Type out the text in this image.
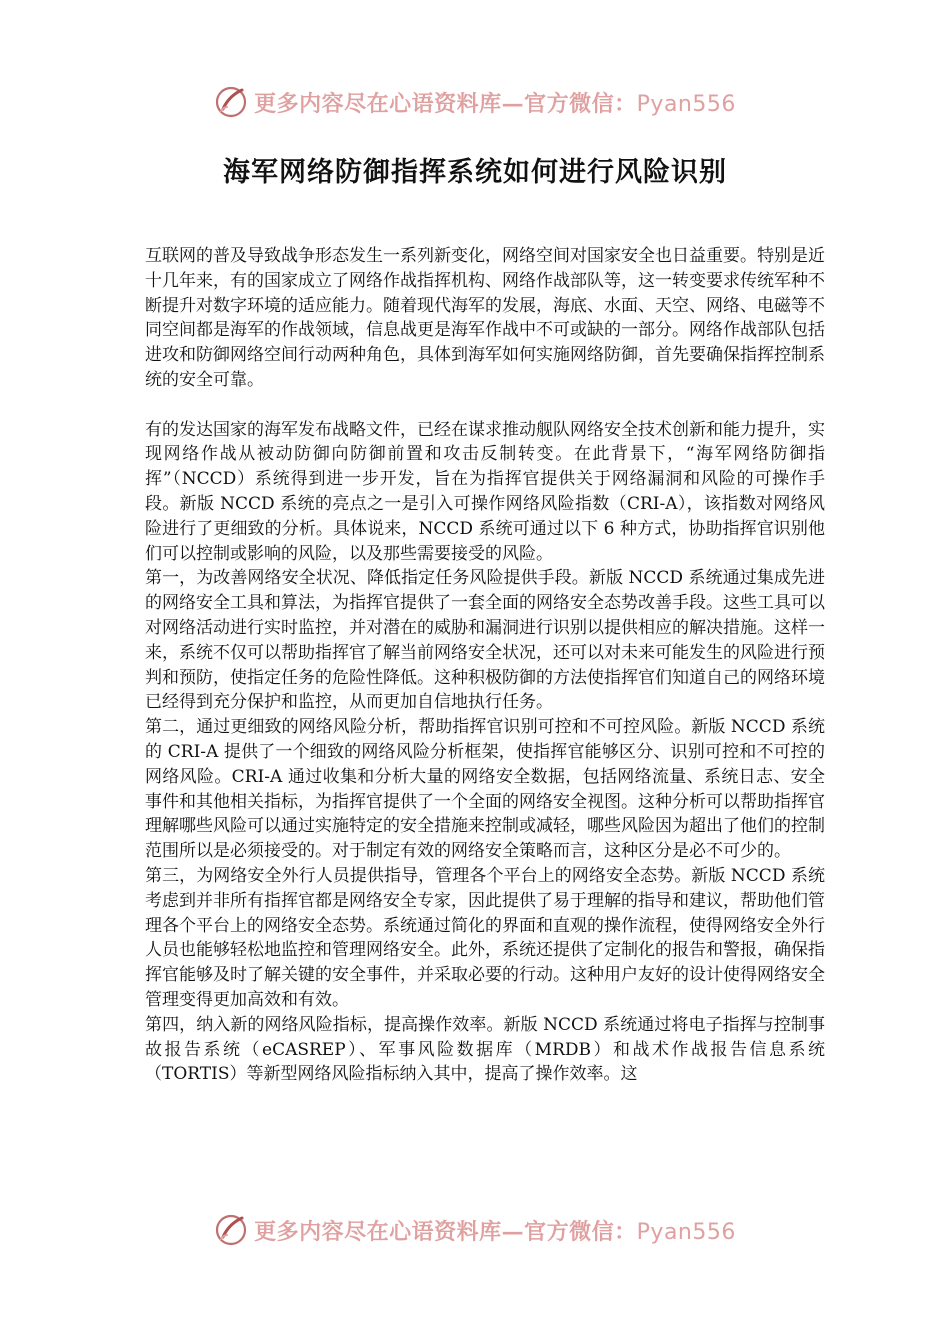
更多内容尽在心语资料库—官方微信：Pyan556
海军网络防御指挥系统如何进行风险识别

互联网的普及导致战争形态发生一系列新变化，网络空间对国家安全也日益重要。特别是近十几年来，有的国家成立了网络作战指挥机构、网络作战部队等，这一转变要求传统军种不断提升对数字环境的适应能力。随着现代海军的发展，海底、水面、天空、网络、电磁等不同空间都是海军的作战领域，信息战更是海军作战中不可或缺的一部分。网络作战部队包括进攻和防御网络空间行动两种角色，具体到海军如何实施网络防御，首先要确保指挥控制系统的安全可靠。

有的发达国家的海军发布战略文件，已经在谋求推动舰队网络安全技术创新和能力提升，实现网络作战从被动防御向防御前置和攻击反制转变。在此背景下，“海军网络防御指挥”（NCCD）系统得到进一步开发，旨在为指挥官提供关于网络漏洞和风险的可操作手段。新版 NCCD 系统的亮点之一是引入可操作网络风险指数（CRI-A），该指数对网络风险进行了更细致的分析。具体说来，NCCD 系统可通过以下 6 种方式，协助指挥官识别他们可以控制或影响的风险，以及那些需要接受的风险。

第一，为改善网络安全状况、降低指定任务风险提供手段。新版 NCCD 系统通过集成先进的网络安全工具和算法，为指挥官提供了一套全面的网络安全态势改善手段。这些工具可以对网络活动进行实时监控，并对潜在的威胁和漏洞进行识别以提供相应的解决措施。这样一来，系统不仅可以帮助指挥官了解当前网络安全状况，还可以对未来可能发生的风险进行预判和预防，使指定任务的危险性降低。这种积极防御的方法使指挥官们知道自己的网络环境已经得到充分保护和监控，从而更加自信地执行任务。

第二，通过更细致的网络风险分析，帮助指挥官识别可控和不可控风险。新版 NCCD 系统的 CRI-A 提供了一个细致的网络风险分析框架，使指挥官能够区分、识别可控和不可控的网络风险。CRI-A 通过收集和分析大量的网络安全数据，包括网络流量、系统日志、安全事件和其他相关指标，为指挥官提供了一个全面的网络安全视图。这种分析可以帮助指挥官理解哪些风险可以通过实施特定的安全措施来控制或减轻，哪些风险因为超出了他们的控制范围所以是必须接受的。对于制定有效的网络安全策略而言，这种区分是必不可少的。

第三，为网络安全外行人员提供指导，管理各个平台上的网络安全态势。新版 NCCD 系统考虑到并非所有指挥官都是网络安全专家，因此提供了易于理解的指导和建议，帮助他们管理各个平台上的网络安全态势。系统通过简化的界面和直观的操作流程，使得网络安全外行人员也能够轻松地监控和管理网络安全。此外，系统还提供了定制化的报告和警报，确保指挥官能够及时了解关键的安全事件，并采取必要的行动。这种用户友好的设计使得网络安全管理变得更加高效和有效。

第四，纳入新的网络风险指标，提高操作效率。新版 NCCD 系统通过将电子指挥与控制事故报告系统（eCASREP）、军事风险数据库（MRDB）和战术作战报告信息系统（TORTIS）等新型网络风险指标纳入其中，提高了操作效率。这

更多内容尽在心语资料库—官方微信：Pyan556
